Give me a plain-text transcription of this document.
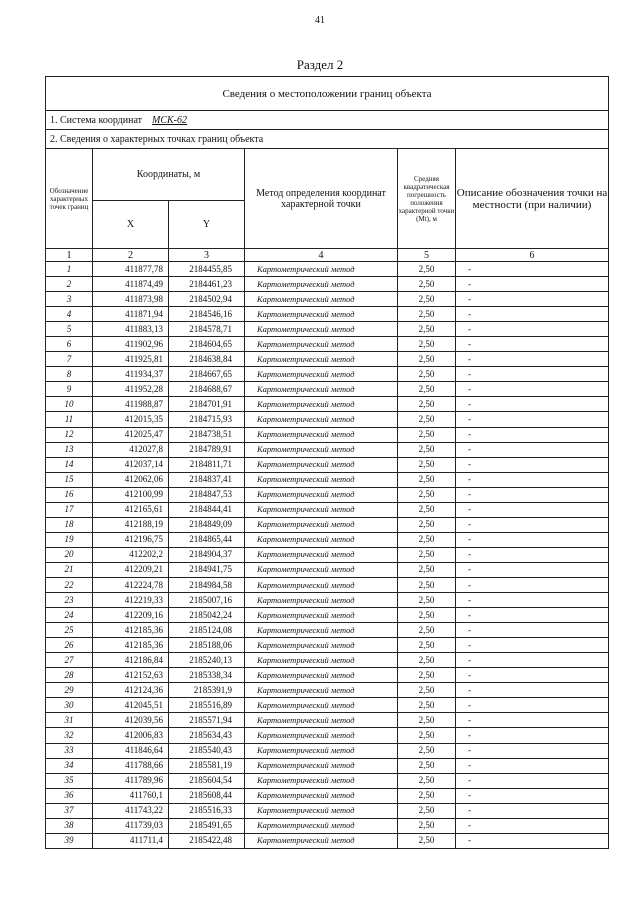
41
Раздел 2
Сведения о местоположении границ объекта					
1. Система координат МСК-62					
2. Сведения о характерных точках границ объекта					
Обозначение характерных точек границ	Координаты, м		Метод определения координат характерной точки	Средняя квадратическая погрешность положения характерной точки (Mt), м	Описание обозначения точки на местности (при наличии)
	X	Y			
1	2	3	4	5	6
1	411877,78	2184455,85	Картометрический метод	2,50	-
2	411874,49	2184461,23	Картометрический метод	2,50	-
3	411873,98	2184502,94	Картометрический метод	2,50	-
4	411871,94	2184546,16	Картометрический метод	2,50	-
5	411883,13	2184578,71	Картометрический метод	2,50	-
6	411902,96	2184604,65	Картометрический метод	2,50	-
7	411925,81	2184638,84	Картометрический метод	2,50	-
8	411934,37	2184667,65	Картометрический метод	2,50	-
9	411952,28	2184688,67	Картометрический метод	2,50	-
10	411988,87	2184701,91	Картометрический метод	2,50	-
11	412015,35	2184715,93	Картометрический метод	2,50	-
12	412025,47	2184738,51	Картометрический метод	2,50	-
13	412027,8	2184789,91	Картометрический метод	2,50	-
14	412037,14	2184811,71	Картометрический метод	2,50	-
15	412062,06	2184837,41	Картометрический метод	2,50	-
16	412100,99	2184847,53	Картометрический метод	2,50	-
17	412165,61	2184844,41	Картометрический метод	2,50	-
18	412188,19	2184849,09	Картометрический метод	2,50	-
19	412196,75	2184865,44	Картометрический метод	2,50	-
20	412202,2	2184904,37	Картометрический метод	2,50	-
21	412209,21	2184941,75	Картометрический метод	2,50	-
22	412224,78	2184984,58	Картометрический метод	2,50	-
23	412219,33	2185007,16	Картометрический метод	2,50	-
24	412209,16	2185042,24	Картометрический метод	2,50	-
25	412185,36	2185124,08	Картометрический метод	2,50	-
26	412185,36	2185188,06	Картометрический метод	2,50	-
27	412186,84	2185240,13	Картометрический метод	2,50	-
28	412152,63	2185338,34	Картометрический метод	2,50	-
29	412124,36	2185391,9	Картометрический метод	2,50	-
30	412045,51	2185516,89	Картометрический метод	2,50	-
31	412039,56	2185571,94	Картометрический метод	2,50	-
32	412006,83	2185634,43	Картометрический метод	2,50	-
33	411846,64	2185540,43	Картометрический метод	2,50	-
34	411788,66	2185581,19	Картометрический метод	2,50	-
35	411789,96	2185604,54	Картометрический метод	2,50	-
36	411760,1	2185608,44	Картометрический метод	2,50	-
37	411743,22	2185516,33	Картометрический метод	2,50	-
38	411739,03	2185491,65	Картометрический метод	2,50	-
39	411711,4	2185422,48	Картометрический метод	2,50	-
